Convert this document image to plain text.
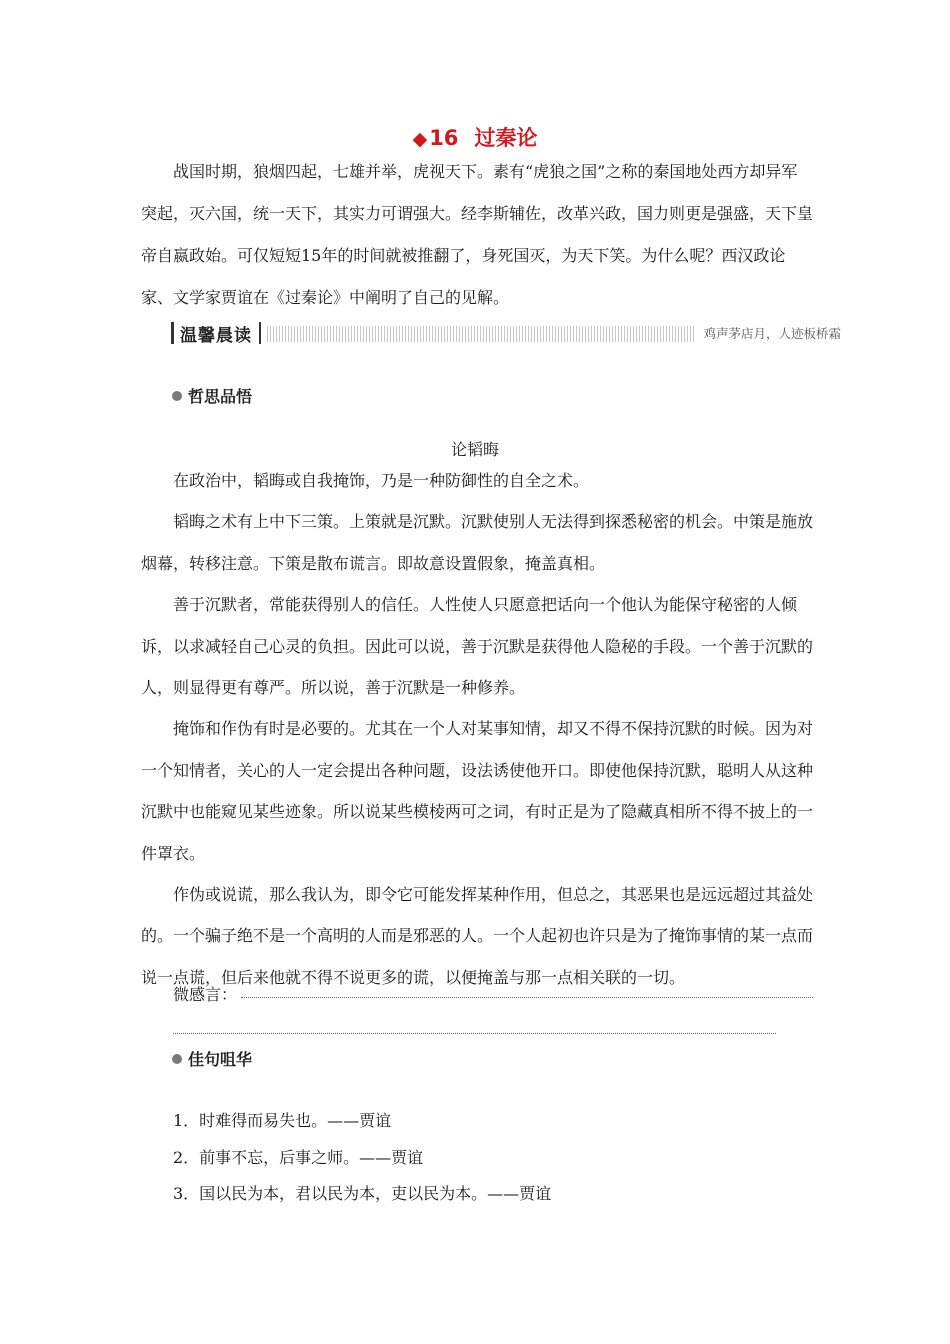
◆16 过秦论

战国时期，狼烟四起，七雄并举，虎视天下。素有“虎狼之国”之称的秦国地处西方却异军突起，灭六国，统一天下，其实力可谓强大。经李斯辅佐，改革兴政，国力则更是强盛，天下皇帝自嬴政始。可仅短短15年的时间就被推翻了，身死国灭，为天下笑。为什么呢？西汉政论家、文学家贾谊在《过秦论》中阐明了自己的见解。

温馨晨读	鸡声茅店月，人迹板桥霜
哲思品悟
论韬晦

在政治中，韬晦或自我掩饰，乃是一种防御性的自全之术。

韬晦之术有上中下三策。上策就是沉默。沉默使别人无法得到探悉秘密的机会。中策是施放烟幕，转移注意。下策是散布谎言。即故意设置假象，掩盖真相。

善于沉默者，常能获得别人的信任。人性使人只愿意把话向一个他认为能保守秘密的人倾诉，以求减轻自己心灵的负担。因此可以说，善于沉默是获得他人隐秘的手段。一个善于沉默的人，则显得更有尊严。所以说，善于沉默是一种修养。

掩饰和作伪有时是必要的。尤其在一个人对某事知情，却又不得不保持沉默的时候。因为对一个知情者，关心的人一定会提出各种问题，设法诱使他开口。即使他保持沉默，聪明人从这种沉默中也能窥见某些迹象。所以说某些模棱两可之词，有时正是为了隐藏真相所不得不披上的一件罩衣。

作伪或说谎，那么我认为，即令它可能发挥某种作用，但总之，其恶果也是远远超过其益处的。一个骗子绝不是一个高明的人而是邪恶的人。一个人起初也许只是为了掩饰事情的某一点而说一点谎，但后来他就不得不说更多的谎，以便掩盖与那一点相关联的一切。

微感言：
佳句咀华
1．时难得而易失也。——贾谊
2．前事不忘，后事之师。——贾谊
3．国以民为本，君以民为本，吏以民为本。——贾谊
